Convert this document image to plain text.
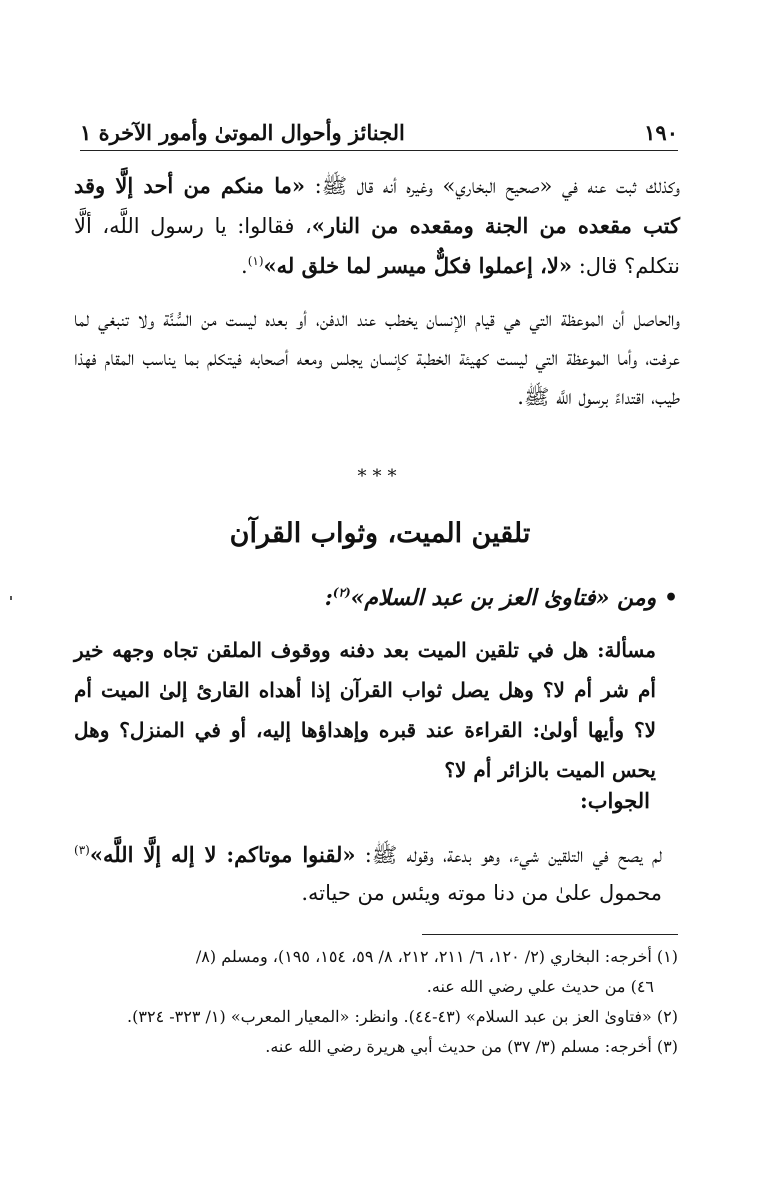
١٩٠
الجنائز وأحوال الموتىٰ وأمور الآخرة ١

وكذلك ثبت عنه في «صحيح البخاري» وغيره أنه قال ﷺ: «ما منكم من أحد إلَّا وقد كتب مقعده من الجنة ومقعده من النار»، فقالوا: يا رسول اللَّه، ألَّا نتكلم؟ قال: «لا، إعملوا فكلٌّ ميسر لما خلق له»$^{(١)}$.

والحاصل أن الموعظة التي هي قيام الإنسان يخطب عند الدفن، أو بعده ليست من السُّنَّة ولا تنبغي لما عرفت، وأما الموعظة التي ليست كهيئة الخطبة كإنسان يجلس ومعه أصحابه فيتكلم بما يناسب المقام فهذا طيب، اقتداءً برسول اللَّه ﷺ.

***
تلقين الميت، وثواب القرآن
• ومن «فتاوىٰ العز بن عبد السلام»$^{(٢)}$:

مسألة: هل في تلقين الميت بعد دفنه ووقوف الملقن تجاه وجهه خير أم شر أم لا؟ وهل يصل ثواب القرآن إذا أهداه القارئ إلىٰ الميت أم لا؟ وأيها أولىٰ: القراءة عند قبره وإهداؤها إليه، أو في المنزل؟ وهل يحس الميت بالزائر أم لا؟

الجواب:

لم يصح في التلقين شيء، وهو بدعة، وقوله ﷺ: «لقنوا موتاكم: لا إله إلَّا اللَّه»$^{(٣)}$ محمول علىٰ من دنا موته ويئس من حياته.

(١) أخرجه: البخاري (٢/ ١٢٠، ٦/ ٢١١، ٢١٢، ٨/ ٥٩، ١٥٤، ١٩٥)، ومسلم (٨/

٤٦) من حديث علي رضي الله عنه.

(٢) «فتاوىٰ العز بن عبد السلام» (٤٣-٤٤). وانظر: «المعيار المعرب» (١/ ٣٢٣- ٣٢٤).

(٣) أخرجه: مسلم (٣/ ٣٧) من حديث أبي هريرة رضي الله عنه.
